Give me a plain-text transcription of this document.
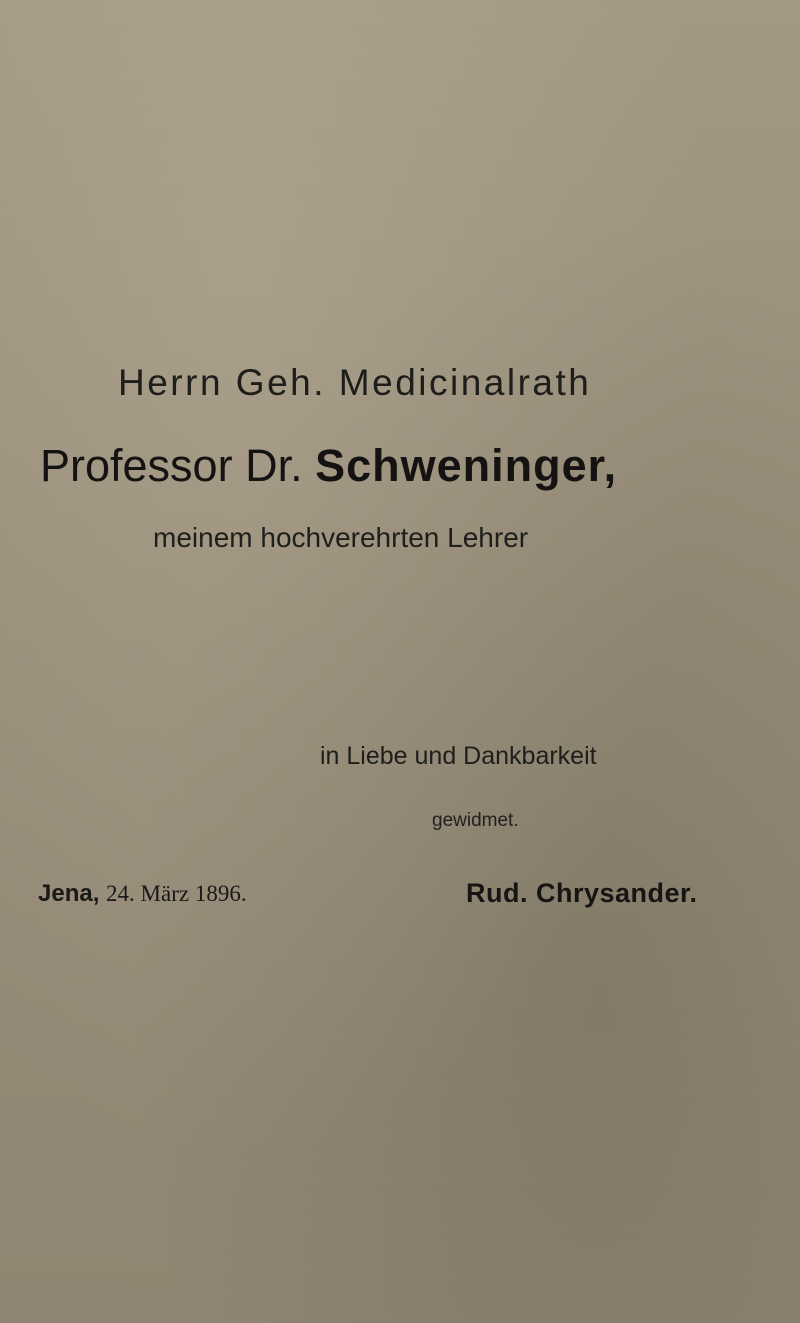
Herrn Geh. Medicinalrath
Professor Dr. Schweninger,
meinem hochverehrten Lehrer
in Liebe und Dankbarkeit
gewidmet.
Jena, 24. März 1896.	Rud. Chrysander.
